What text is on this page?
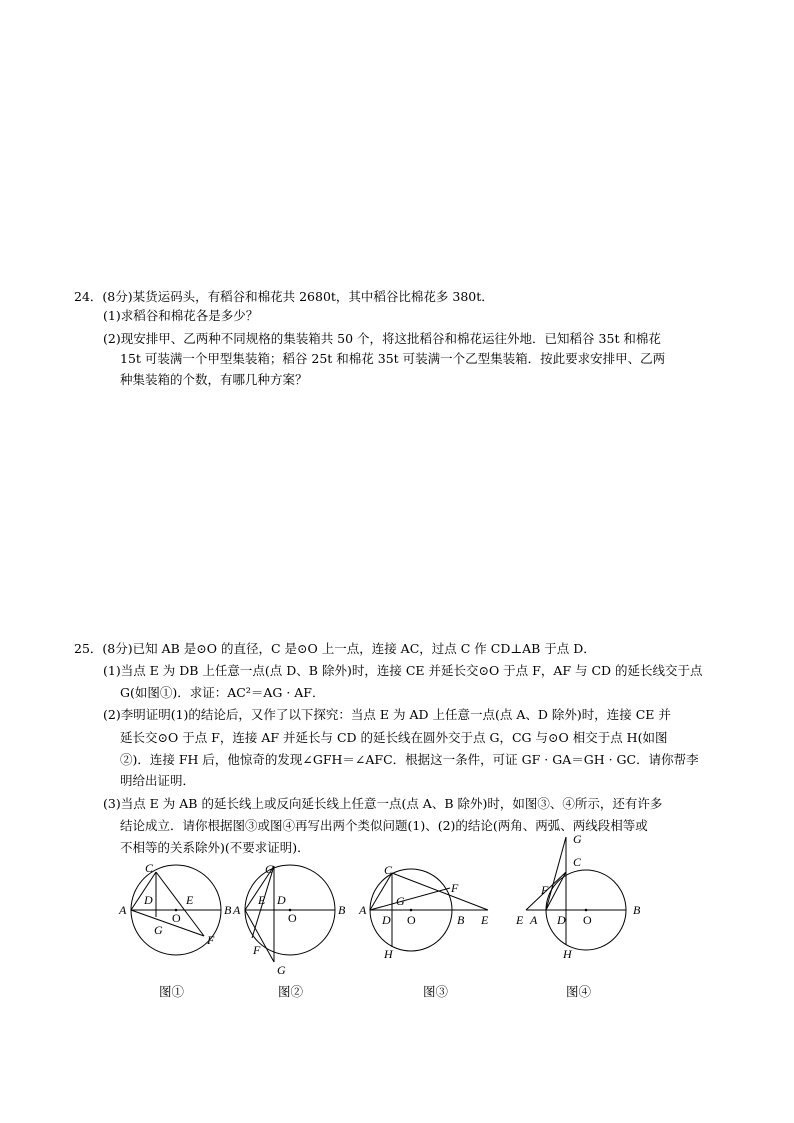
24．(8分)某货运码头，有稻谷和棉花共 2680t，其中稻谷比棉花多 380t．
(1)求稻谷和棉花各是多少？
(2)现安排甲、乙两种不同规格的集装箱共 50 个，将这批稻谷和棉花运往外地．已知稻谷 35t 和棉花
15t 可装满一个甲型集装箱；稻谷 25t 和棉花 35t 可装满一个乙型集装箱．按此要求安排甲、乙两
种集装箱的个数，有哪几种方案？
25．(8分)已知 AB 是⊙O 的直径，C 是⊙O 上一点，连接 AC，过点 C 作 CD⊥AB 于点 D．
(1)当点 E 为 DB 上任意一点(点 D、B 除外)时，连接 CE 并延长交⊙O 于点 F，AF 与 CD 的延长线交于点
G(如图①)．求证：AC²＝AG · AF．
(2)李明证明(1)的结论后，又作了以下探究：当点 E 为 AD 上任意一点(点 A、D 除外)时，连接 CE 并
延长交⊙O 于点 F，连接 AF 并延长与 CD 的延长线在圆外交于点 G，CG 与⊙O 相交于点 H(如图
②)．连接 FH 后，他惊奇的发现∠GFH＝∠AFC．根据这一条件，可证 GF · GA＝GH · GC．请你帮李
明给出证明．
(3)当点 E 为 AB 的延长线上或反向延长线上任意一点(点 A、B 除外)时，如图③、④所示，还有许多
结论成立．请你根据图③或图④再写出两个类似问题(1)、(2)的结论(两角、两弧、两线段相等或
不相等的关系除外)(不要求证明)．
A	B
C
D	E
O
G
F
A	B
C
D
E
O
F
G
A
B
C
D	E
O
F
G
H
E A
B
C
D O
F
G
H
图①	图②	图③	图④
